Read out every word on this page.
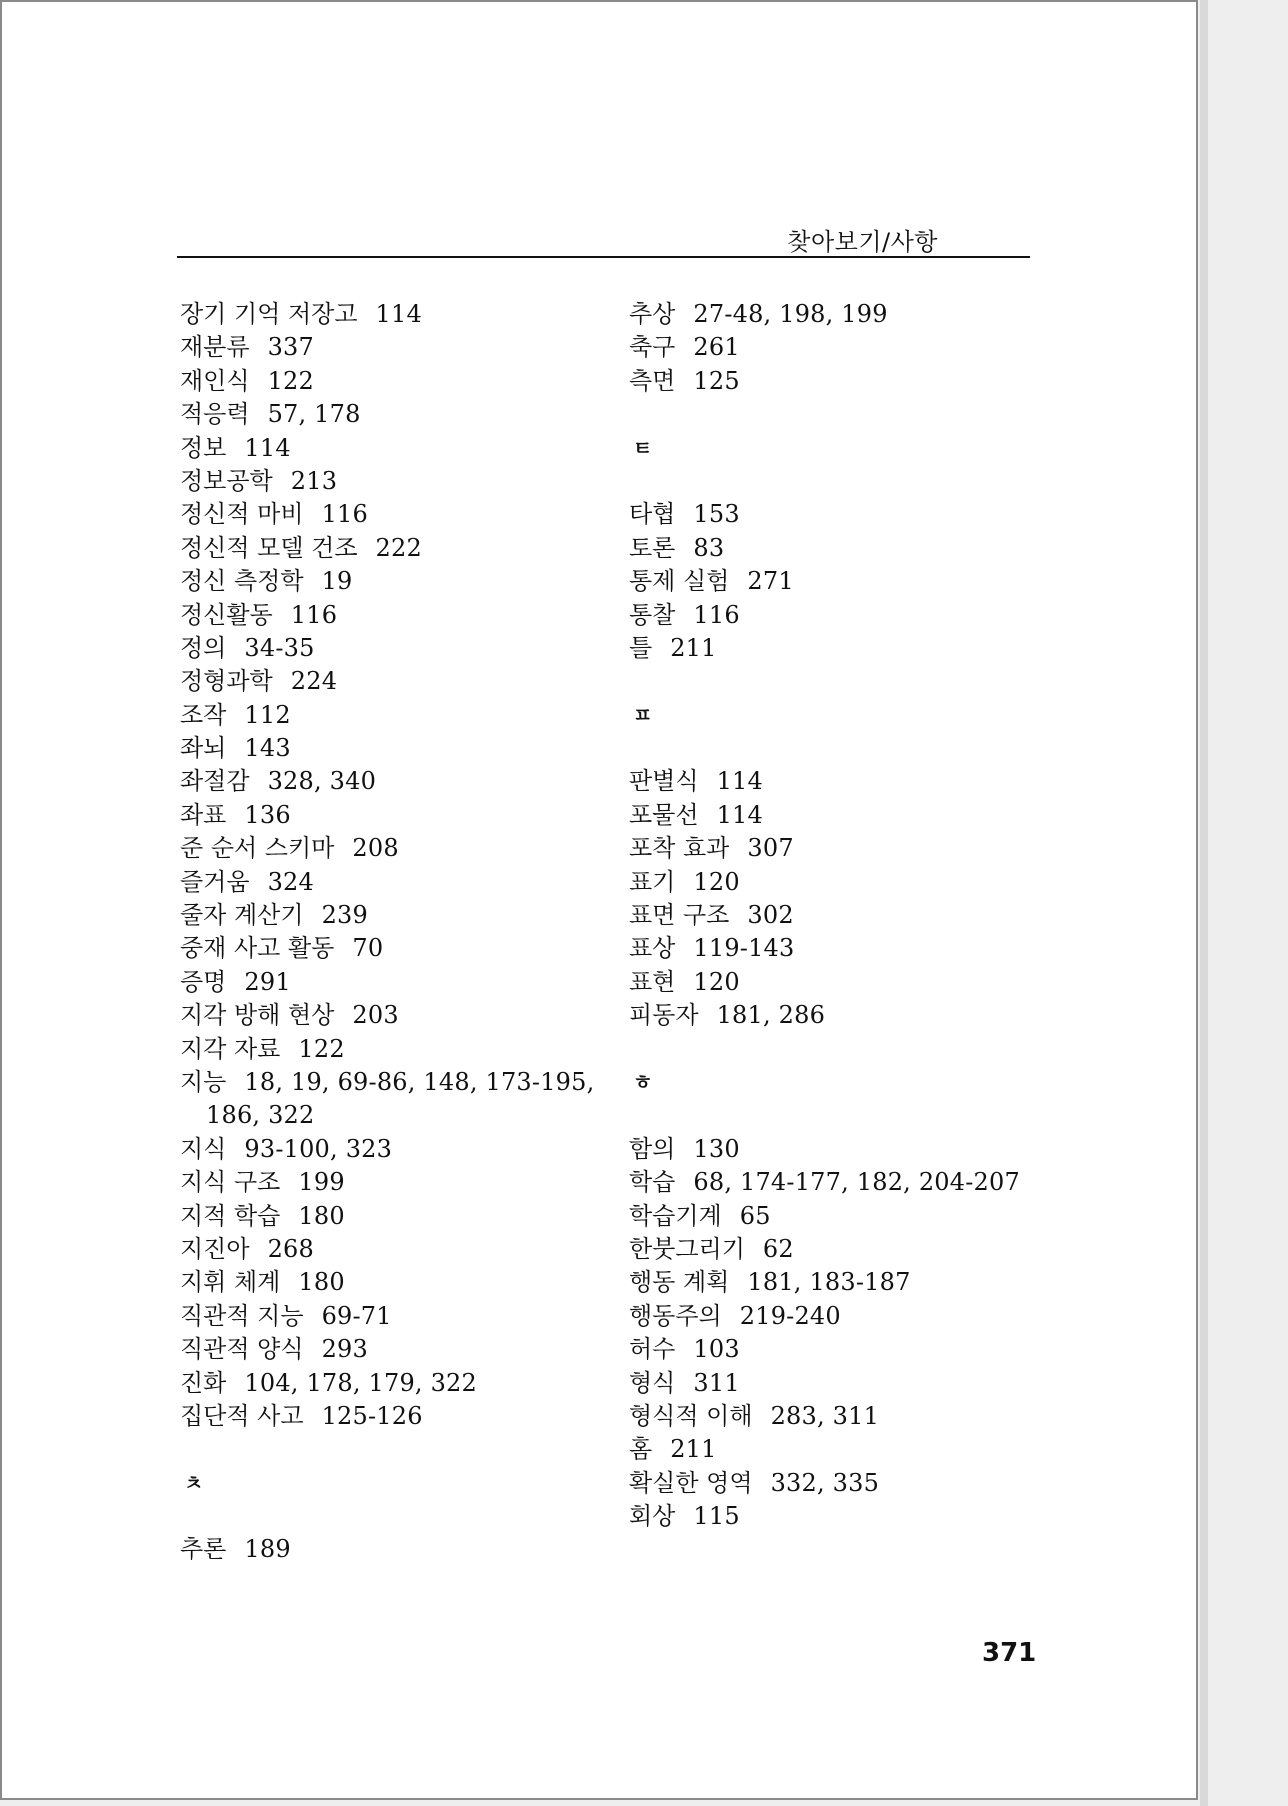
찾아보기/사항
장기 기억 저장고 114
재분류 337
재인식 122
적응력 57, 178
정보 114
정보공학 213
정신적 마비 116
정신적 모델 건조 222
정신 측정학 19
정신활동 116
정의 34-35
정형과학 224
조작 112
좌뇌 143
좌절감 328, 340
좌표 136
준 순서 스키마 208
즐거움 324
줄자 계산기 239
중재 사고 활동 70
증명 291
지각 방해 현상 203
지각 자료 122
지능 18, 19, 69-86, 148, 173-195,
186, 322
지식 93-100, 323
지식 구조 199
지적 학습 180
지진아 268
지휘 체계 180
직관적 지능 69-71
직관적 양식 293
진화 104, 178, 179, 322
집단적 사고 125-126
ㅊ
추론 189
추상 27-48, 198, 199
축구 261
측면 125
ㅌ
타협 153
토론 83
통제 실험 271
통찰 116
틀 211
ㅍ
판별식 114
포물선 114
포착 효과 307
표기 120
표면 구조 302
표상 119-143
표현 120
피동자 181, 286
ㅎ
함의 130
학습 68, 174-177, 182, 204-207
학습기계 65
한붓그리기 62
행동 계획 181, 183-187
행동주의 219-240
허수 103
형식 311
형식적 이해 283, 311
홈 211
확실한 영역 332, 335
회상 115
371
